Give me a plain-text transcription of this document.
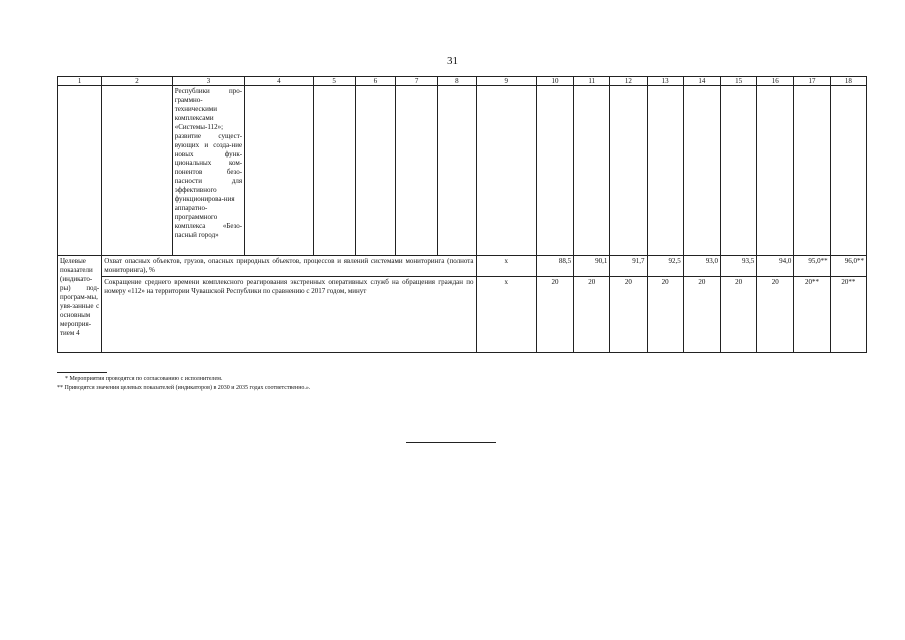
31
1	2	3	4	5	6	7	8	9	10	11	12	13	14	15	16	17	18
		Республики про-граммно-техническими комплексами «Системы-112»; развитие сущест-вующих и созда-ние новых функ-циональных ком-понентов безо-пасности для эффективного функционирова-ния аппаратно-программного комплекса «Безо-пасный город»															
Целевые показатели (индикато-ры) под-програм-мы, увя-занные с основным мероприя-тием 4	Охват опасных объектов, грузов, опасных природных объектов, процессов и явлений системами мониторинга (полнота мониторинга), %							x	88,5	90,1	91,7	92,5	93,0	93,5	94,0	95,0**	96,0**
	Сокращение среднего времени комплексного реагирования экстренных оперативных служб на обращения граждан по номеру «112» на территории Чувашской Республики по сравнению с 2017 годом, минут							x	20	20	20	20	20	20	20	20**	20**
* Мероприятия проводятся по согласованию с исполнителем.
** Приводятся значения целевых показателей (индикаторов) в 2030 и 2035 годах соответственно.».
